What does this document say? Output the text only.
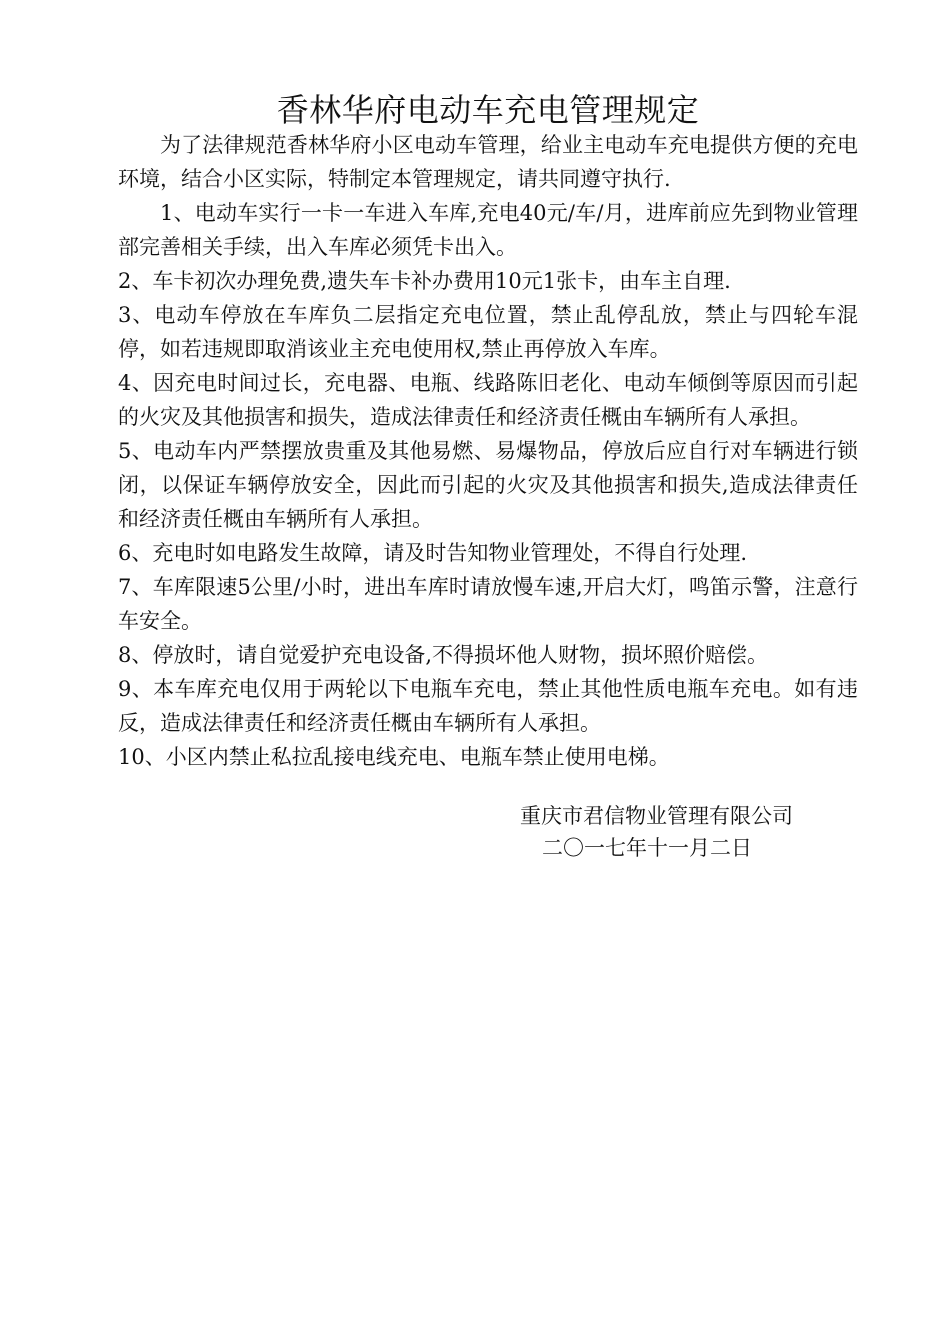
香林华府电动车充电管理规定

为了法律规范香林华府小区电动车管理，给业主电动车充电提供方便的充电环境，结合小区实际，特制定本管理规定，请共同遵守执行.

1、电动车实行一卡一车进入车库,充电40元/车/月，进库前应先到物业管理部完善相关手续，出入车库必须凭卡出入。

2、车卡初次办理免费,遗失车卡补办费用10元1张卡，由车主自理.

3、电动车停放在车库负二层指定充电位置，禁止乱停乱放，禁止与四轮车混停，如若违规即取消该业主充电使用权,禁止再停放入车库。

4、因充电时间过长，充电器、电瓶、线路陈旧老化、电动车倾倒等原因而引起的火灾及其他损害和损失，造成法律责任和经济责任概由车辆所有人承担。

5、电动车内严禁摆放贵重及其他易燃、易爆物品，停放后应自行对车辆进行锁闭，以保证车辆停放安全，因此而引起的火灾及其他损害和损失,造成法律责任和经济责任概由车辆所有人承担。

6、充电时如电路发生故障，请及时告知物业管理处，不得自行处理.

7、车库限速5公里/小时，进出车库时请放慢车速,开启大灯，鸣笛示警，注意行车安全。

8、停放时，请自觉爱护充电设备,不得损坏他人财物，损坏照价赔偿。

9、本车库充电仅用于两轮以下电瓶车充电，禁止其他性质电瓶车充电。如有违反，造成法律责任和经济责任概由车辆所有人承担。

10、小区内禁止私拉乱接电线充电、电瓶车禁止使用电梯。

重庆市君信物业管理有限公司
二〇一七年十一月二日
